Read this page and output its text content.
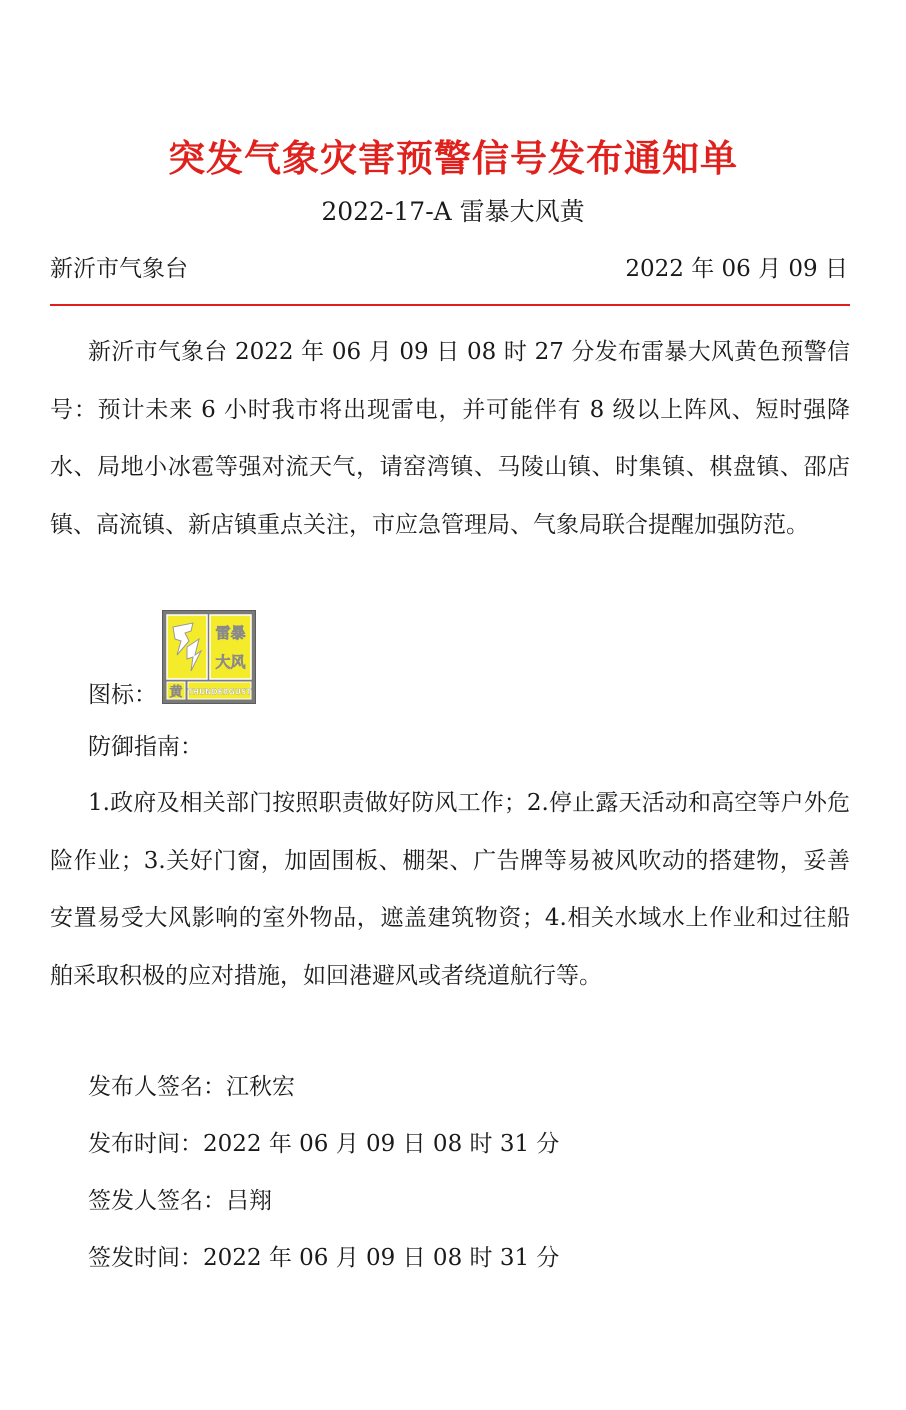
突发气象灾害预警信号发布通知单
2022-17-A 雷暴大风黄
新沂市气象台	2022 年 06 月 09 日
新沂市气象台 2022 年 06 月 09 日 08 时 27 分发布雷暴大风黄色预警信号：预计未来 6 小时我市将出现雷电，并可能伴有 8 级以上阵风、短时强降水、局地小冰雹等强对流天气，请窑湾镇、马陵山镇、时集镇、棋盘镇、邵店镇、高流镇、新店镇重点关注，市应急管理局、气象局联合提醒加强防范。
图标：
雷暴
大风
黄 THUNDERGUST
防御指南：
1.政府及相关部门按照职责做好防风工作；2.停止露天活动和高空等户外危险作业；3.关好门窗，加固围板、棚架、广告牌等易被风吹动的搭建物，妥善安置易受大风影响的室外物品，遮盖建筑物资；4.相关水域水上作业和过往船舶采取积极的应对措施，如回港避风或者绕道航行等。
发布人签名：江秋宏
发布时间：2022 年 06 月 09 日 08 时 31 分
签发人签名：吕翔
签发时间：2022 年 06 月 09 日 08 时 31 分
